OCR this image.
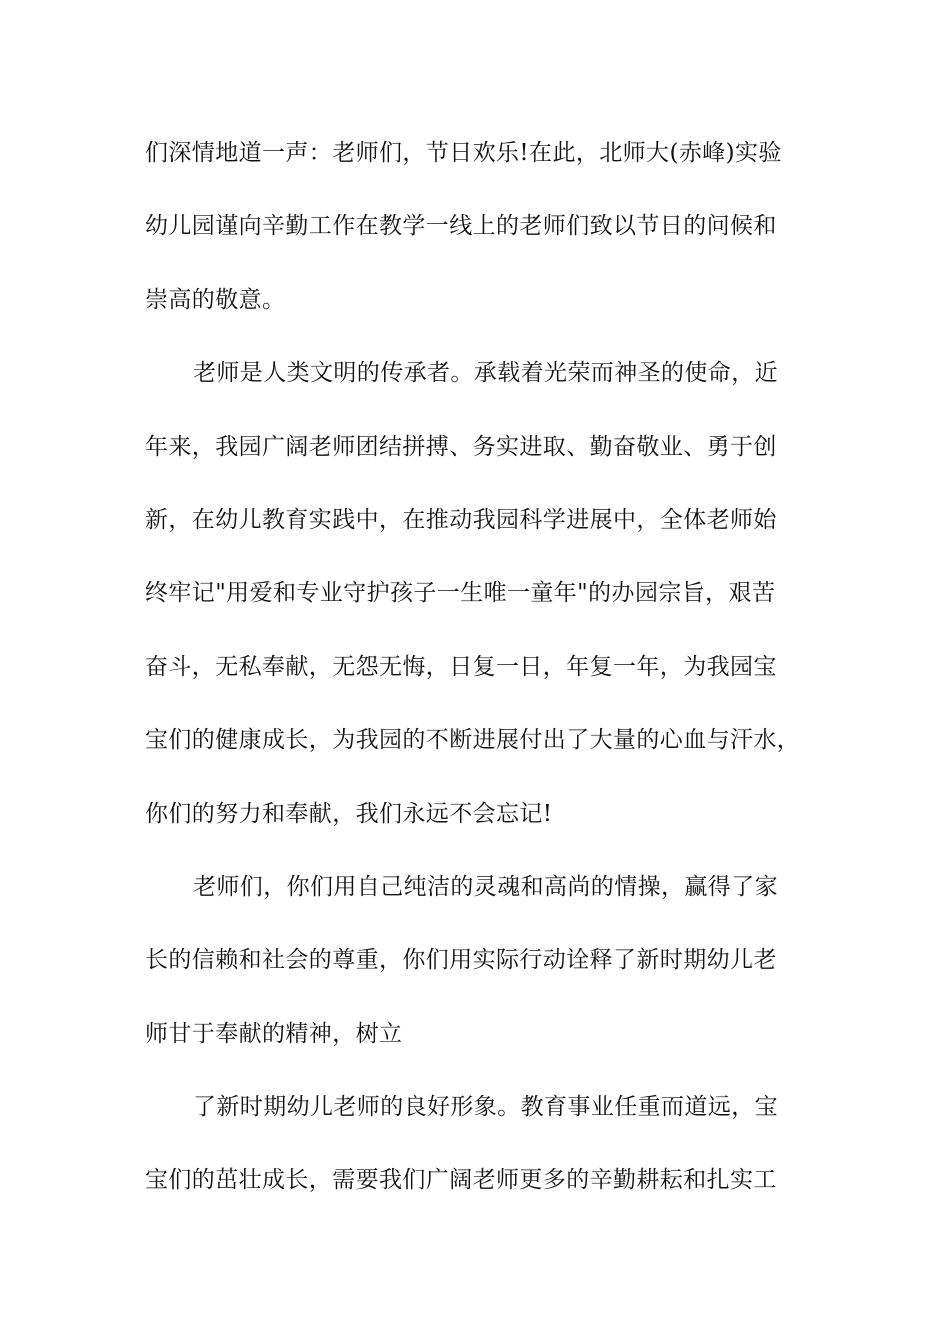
们深情地道一声：老师们，节日欢乐!在此，北师大(赤峰)实验
幼儿园谨向辛勤工作在教学一线上的老师们致以节日的问候和
崇高的敬意。
老师是人类文明的传承者。承载着光荣而神圣的使命，近
年来，我园广阔老师团结拼搏、务实进取、勤奋敬业、勇于创
新，在幼儿教育实践中，在推动我园科学进展中，全体老师始
终牢记"用爱和专业守护孩子一生唯一童年"的办园宗旨，艰苦
奋斗，无私奉献，无怨无悔，日复一日，年复一年，为我园宝
宝们的健康成长，为我园的不断进展付出了大量的心血与汗水，
你们的努力和奉献，我们永远不会忘记!
老师们，你们用自己纯洁的灵魂和高尚的情操，赢得了家
长的信赖和社会的尊重，你们用实际行动诠释了新时期幼儿老
师甘于奉献的精神，树立
了新时期幼儿老师的良好形象。教育事业任重而道远，宝
宝们的茁壮成长，需要我们广阔老师更多的辛勤耕耘和扎实工
